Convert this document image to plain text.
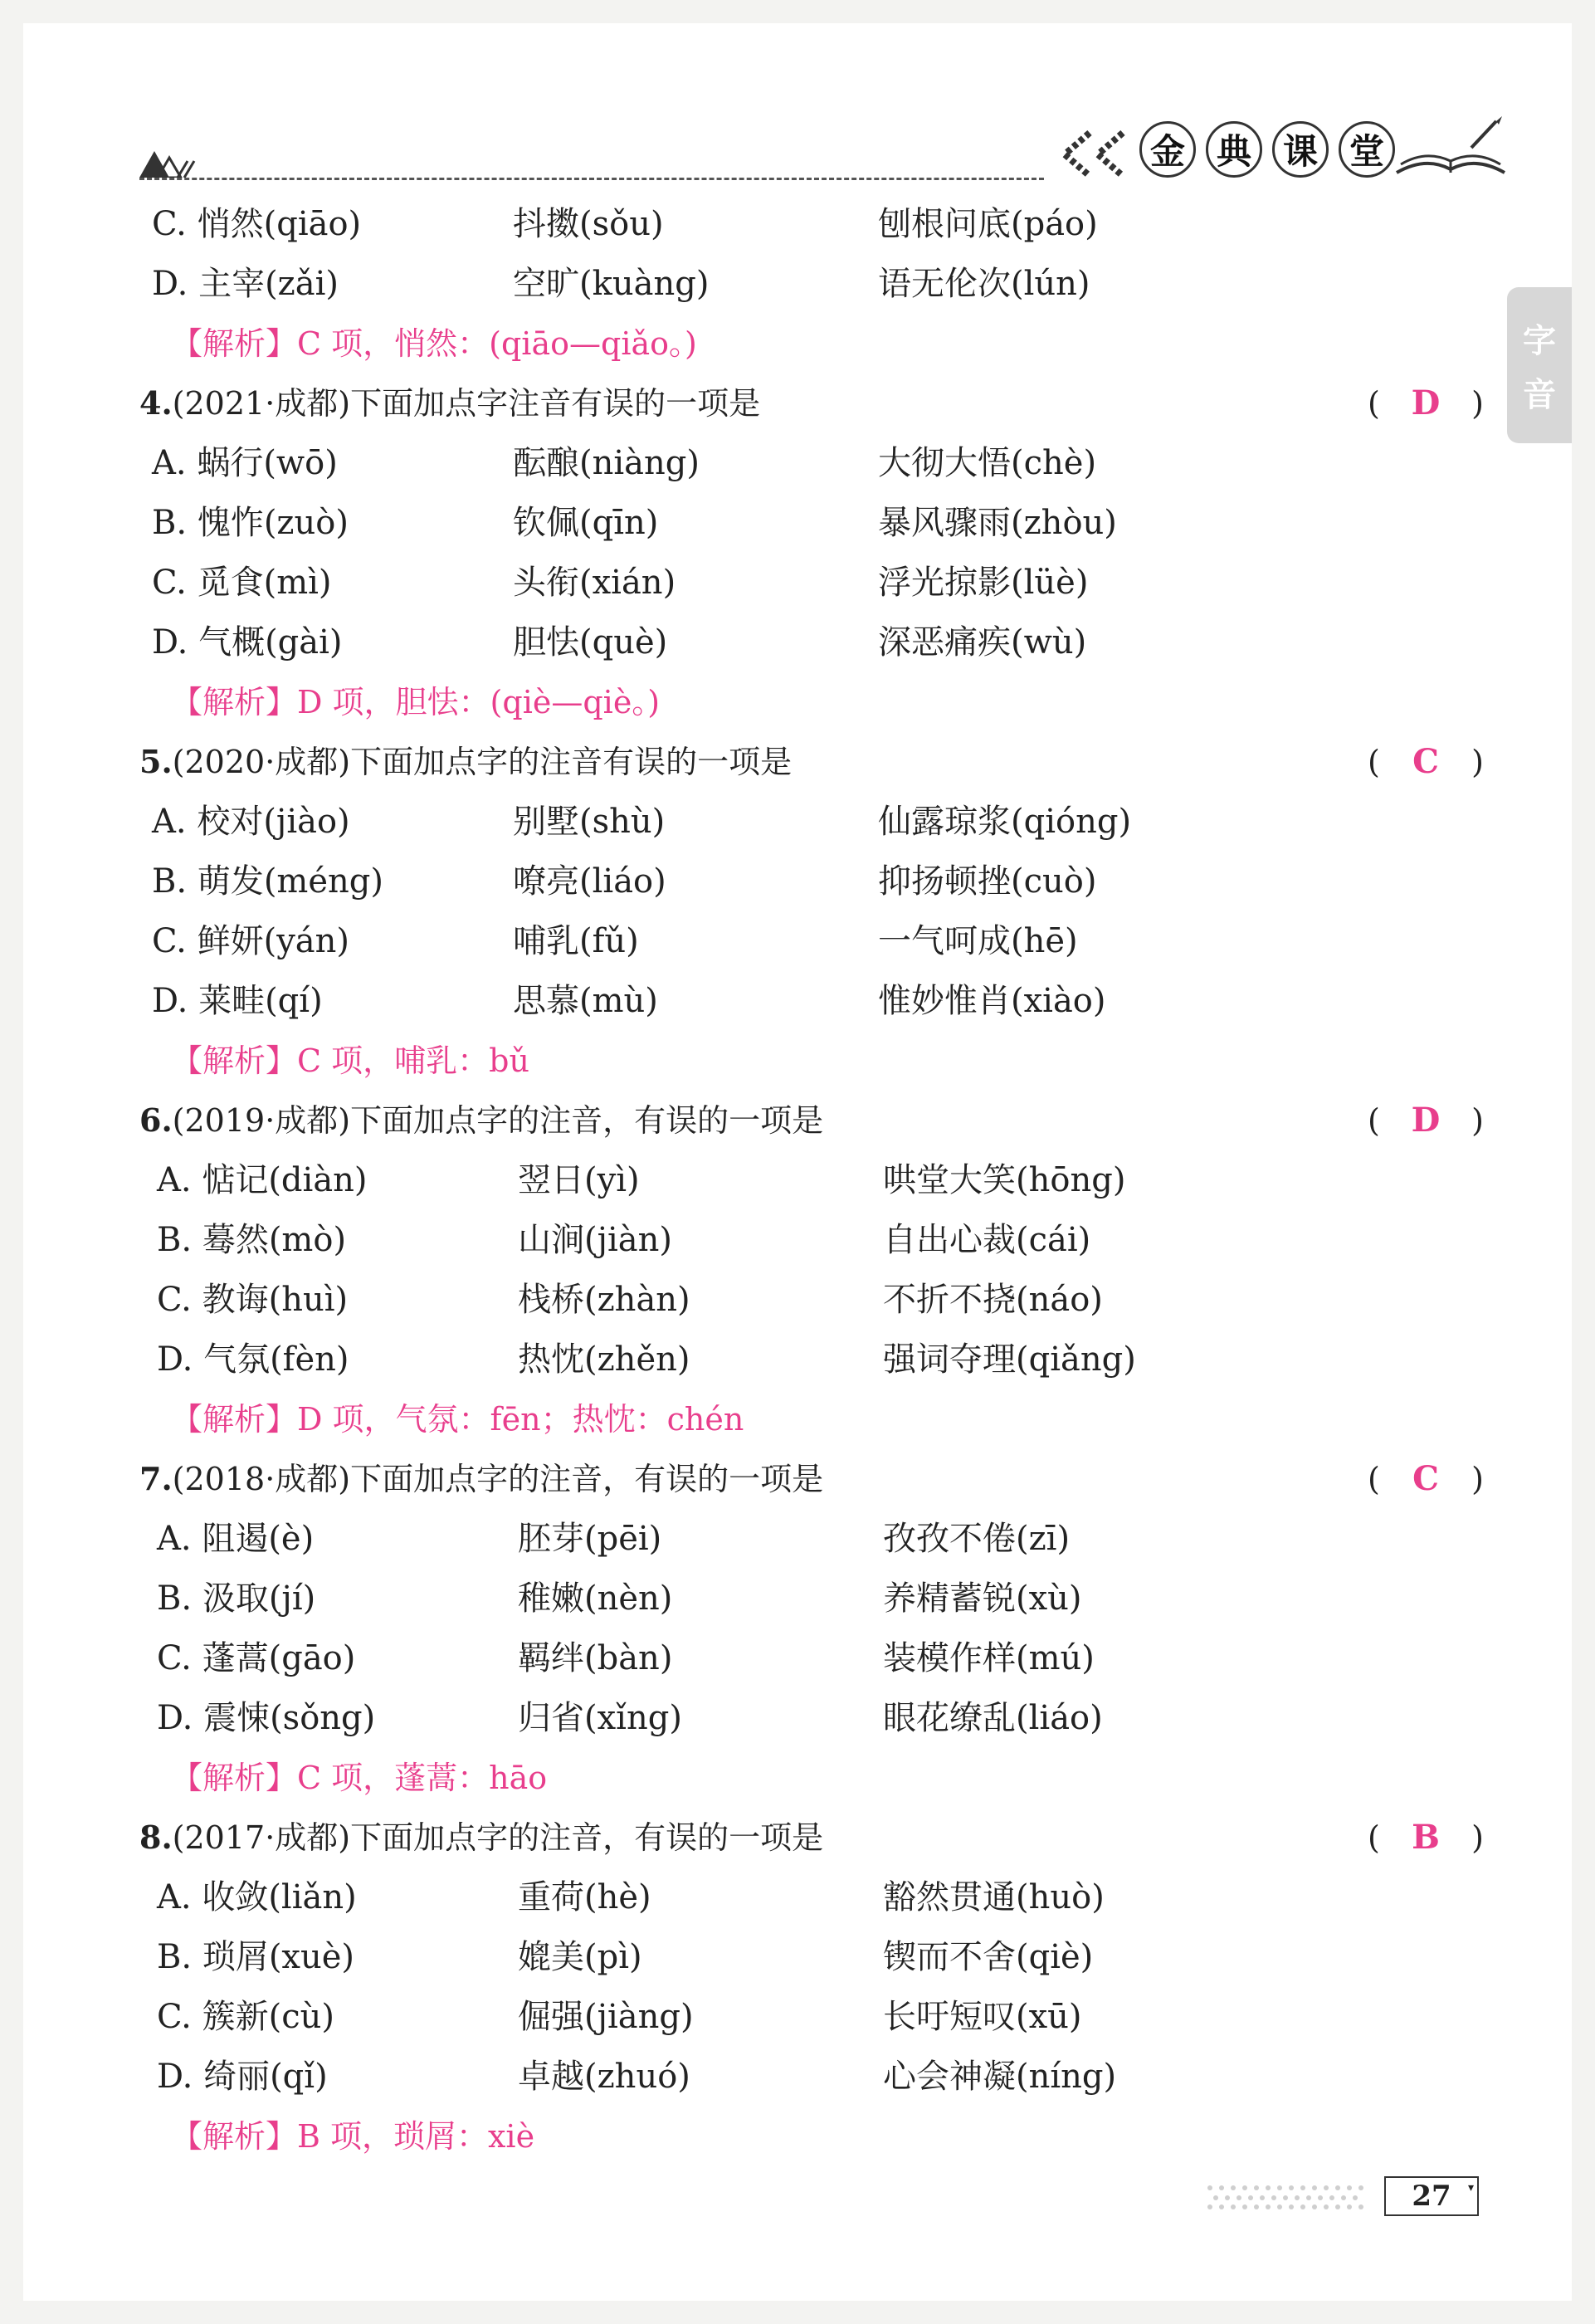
金 典 课 堂
字
音
C. 悄然(qiāo)	抖擞(sǒu)	刨根问底(páo)
D. 主宰(zǎi)	空旷(kuàng)	语无伦次(lún)
【解析】C 项，悄然：(qiāo—qiǎo。)
4.(2021·成都)下面加点字注音有误的一项是	( D )
A. 蜗行(wō)	酝酿(niàng)	大彻大悟(chè)
B. 愧怍(zuò)	钦佩(qīn)	暴风骤雨(zhòu)
C. 觅食(mì)	头衔(xián)	浮光掠影(lüè)
D. 气概(gài)	胆怯(què)	深恶痛疾(wù)
【解析】D 项，胆怯：(qiè—qiè。)
5.(2020·成都)下面加点字的注音有误的一项是	( C )
A. 校对(jiào)	别墅(shù)	仙露琼浆(qióng)
B. 萌发(méng)	嘹亮(liáo)	抑扬顿挫(cuò)
C. 鲜妍(yán)	哺乳(fǔ)	一气呵成(hē)
D. 莱畦(qí)	思慕(mù)	惟妙惟肖(xiào)
【解析】C 项，哺乳：bǔ
6.(2019·成都)下面加点字的注音，有误的一项是	( D )
A. 惦记(diàn)	翌日(yì)	哄堂大笑(hōng)
B. 蓦然(mò)	山涧(jiàn)	自出心裁(cái)
C. 教诲(huì)	栈桥(zhàn)	不折不挠(náo)
D. 气氛(fèn)	热忱(zhěn)	强词夺理(qiǎng)
【解析】D 项，气氛：fēn；热忱：chén
7.(2018·成都)下面加点字的注音，有误的一项是	( C )
A. 阻遏(è)	胚芽(pēi)	孜孜不倦(zī)
B. 汲取(jí)	稚嫩(nèn)	养精蓄锐(xù)
C. 蓬蒿(gāo)	羁绊(bàn)	装模作样(mú)
D. 震悚(sǒng)	归省(xǐng)	眼花缭乱(liáo)
【解析】C 项，蓬蒿：hāo
8.(2017·成都)下面加点字的注音，有误的一项是	( B )
A. 收敛(liǎn)	重荷(hè)	豁然贯通(huò)
B. 琐屑(xuè)	媲美(pì)	锲而不舍(qiè)
C. 簇新(cù)	倔强(jiàng)	长吁短叹(xū)
D. 绮丽(qǐ)	卓越(zhuó)	心会神凝(níng)
【解析】B 项，琐屑：xiè
27 ▾
